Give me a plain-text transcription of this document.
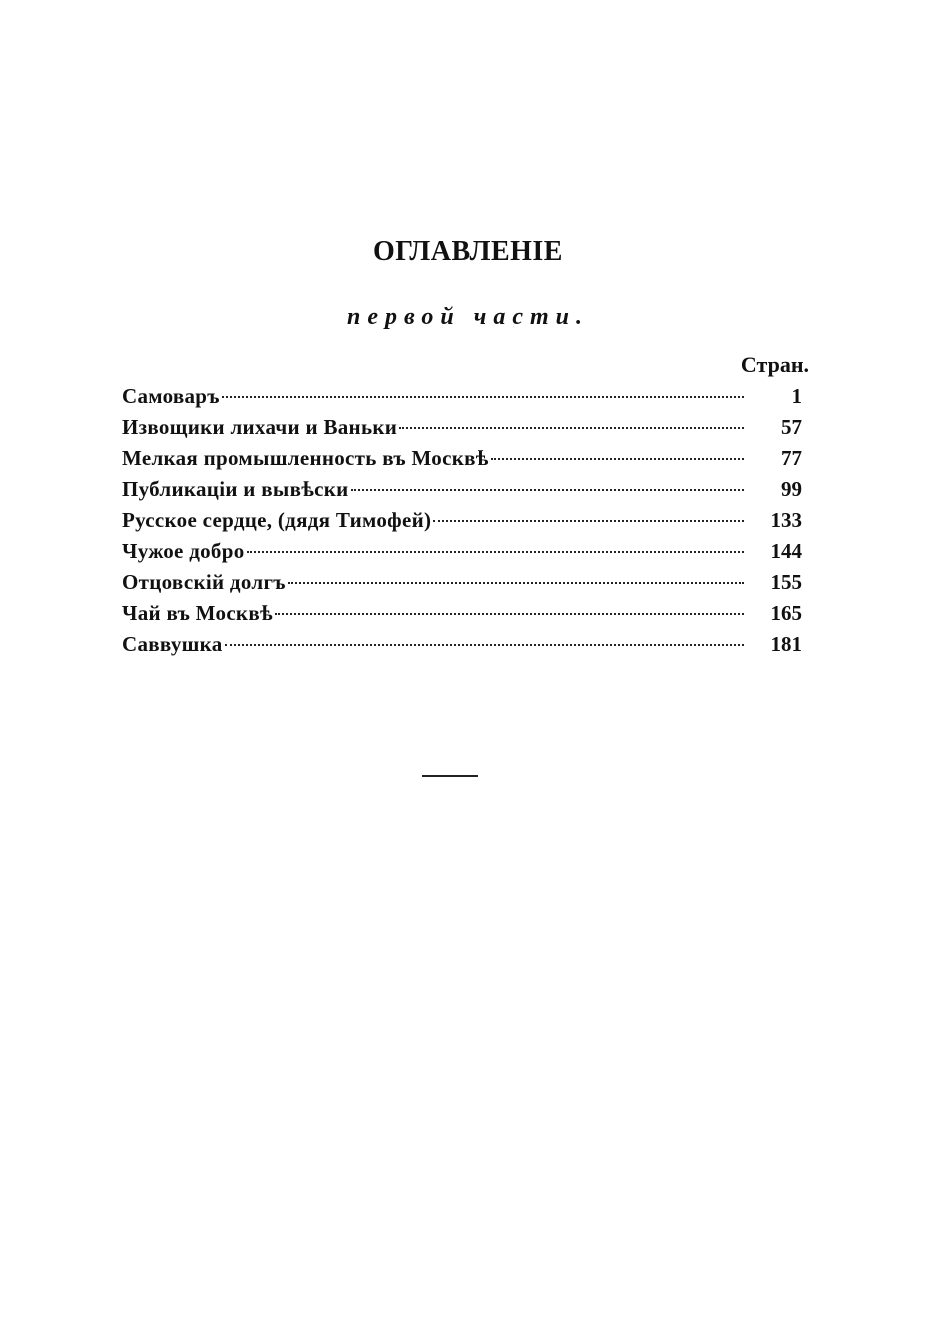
ОГЛАВЛЕНІЕ
первой части.
Стран.
Самоваръ	1
Извощики лихачи и Ваньки	57
Мелкая промышленность въ Москвѣ	77
Публикаціи и вывѣски	99
Русское сердце, (дядя Тимофей)	133
Чужое добро	144
Отцовскій долгъ	155
Чай въ Москвѣ	165
Саввушка	181
